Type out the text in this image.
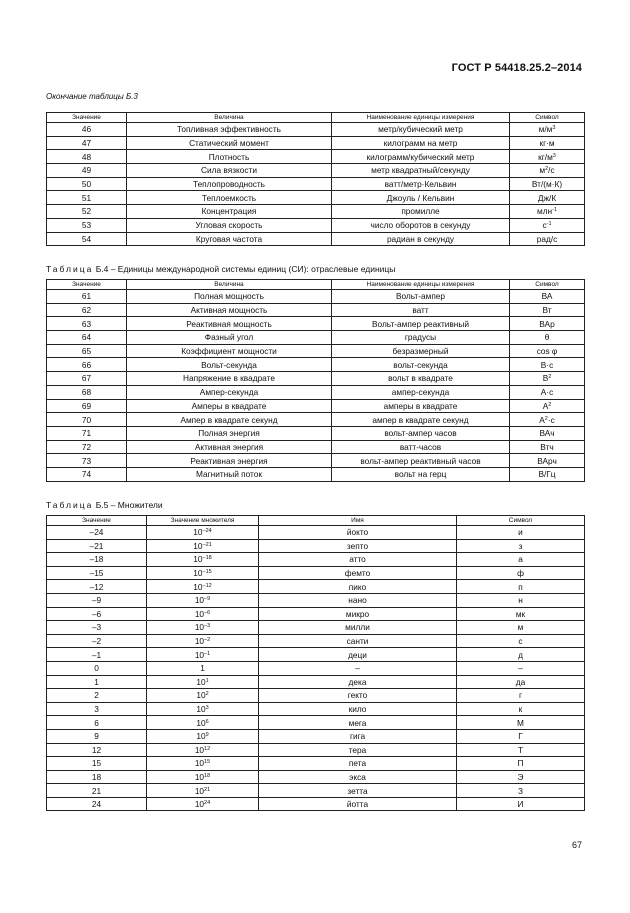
ГОСТ Р 54418.25.2–2014
Окончание таблицы Б.3
Значение	Величина	Наименование единицы измерения	Символ
46	Топливная эффективность	метр/кубический метр	$м/м^3$
47	Статический момент	килограмм на метр	кг·м
48	Плотность	килограмм/кубический метр	$кг/м^3$
49	Сила вязкости	метр квадратный/секунду	$м^2/с$
50	Теплопроводность	ватт/метр·Кельвин	Вт/(м·К)
51	Теплоемкость	Джоуль / Кельвин	Дж/К
52	Концентрация	промилле	млн$^{-1}$
53	Угловая скорость	число оборотов в секунду	$с^{-1}$
54	Круговая частота	радиан в секунду	рад/с
Таблица Б.4 – Единицы международной системы единиц (СИ): отраслевые единицы
Значение	Величина	Наименование единицы измерения	Символ
61	Полная мощность	Вольт-ампер	ВА
62	Активная мощность	ватт	Вт
63	Реактивная мощность	Вольт-ампер реактивный	ВАр
64	Фазный угол	градусы	θ
65	Коэффициент мощности	безразмерный	cos φ
66	Вольт-секунда	вольт-секунда	В·с
67	Напряжение в квадрате	вольт в квадрате	$В^2$
68	Ампер-секунда	ампер-секунда	А·с
69	Амперы в квадрате	амперы в квадрате	$А^2$
70	Ампер в квадрате секунд	ампер в квадрате секунд	$А^2\cdot с$
71	Полная энергия	вольт-ампер часов	ВАч
72	Активная энергия	ватт-часов	Втч
73	Реактивная энергия	вольт-ампер реактивный часов	ВАрч
74	Магнитный поток	вольт на герц	В/Гц
Таблица Б.5 – Множители
Значение	Значение множителя	Имя	Символ
–24	$10^{-24}$	йокто	и
–21	$10^{-21}$	зепто	з
–18	$10^{-18}$	атто	а
–15	$10^{-15}$	фемто	ф
–12	$10^{-12}$	пико	п
–9	$10^{-9}$	нано	н
–6	$10^{-6}$	микро	мк
–3	$10^{-3}$	милли	м
–2	$10^{-2}$	санти	с
–1	$10^{-1}$	деци	д
0	1	–	–
1	$10^1$	дека	да
2	$10^2$	гекто	г
3	$10^3$	кило	к
6	$10^6$	мега	М
9	$10^9$	гига	Г
12	$10^{12}$	тера	Т
15	$10^{15}$	пета	П
18	$10^{18}$	экса	Э
21	$10^{21}$	зетта	З
24	$10^{24}$	йотта	И
67
